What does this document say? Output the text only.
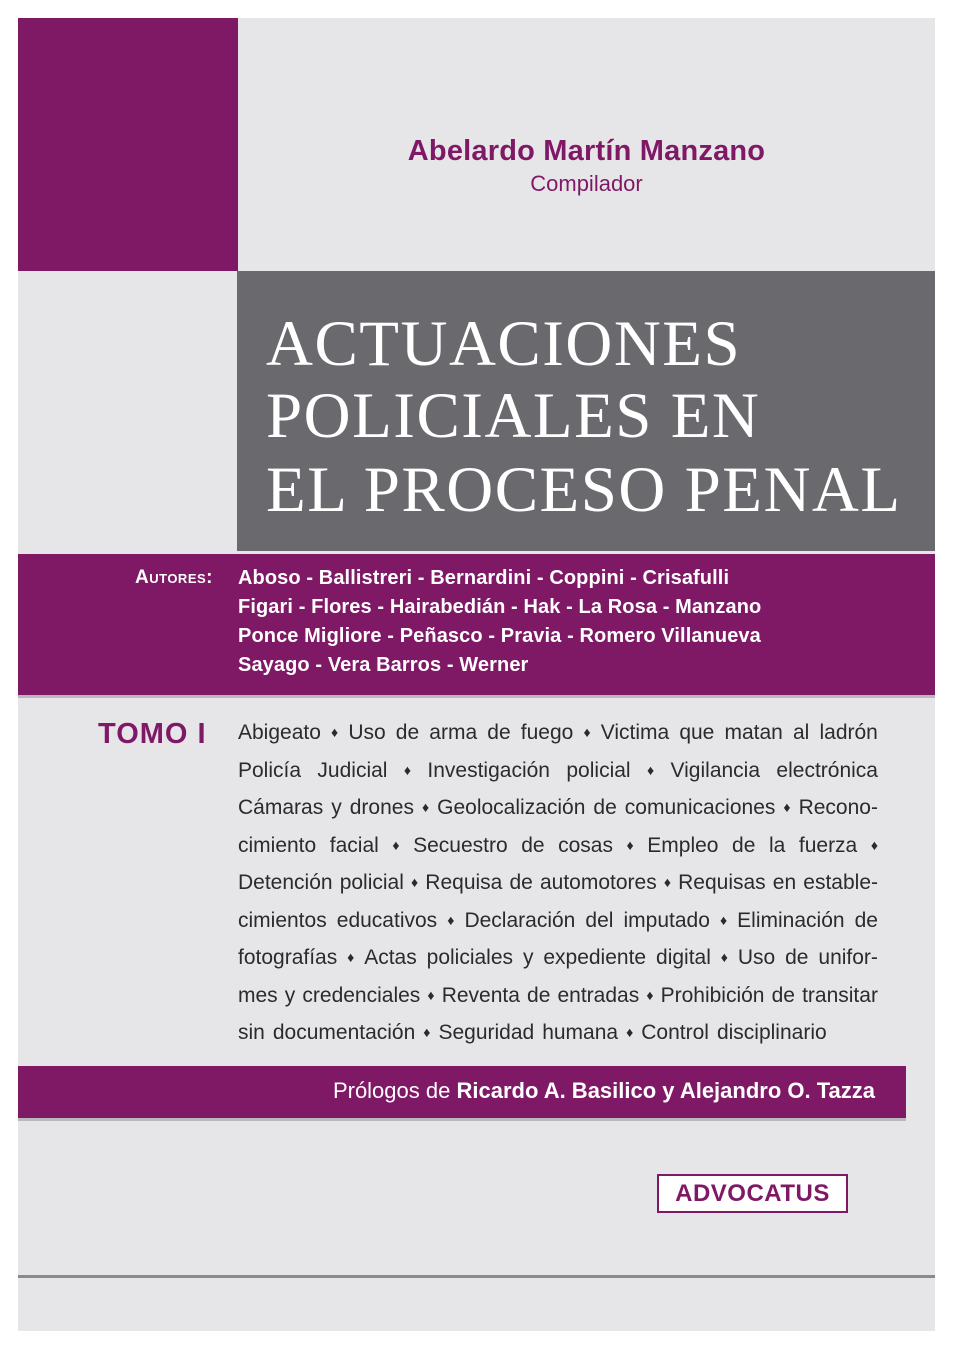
Abelardo Martín Manzano
Compilador
ACTUACIONES
POLICIALES EN
EL PROCESO PENAL
Autores: Aboso - Ballistreri - Bernardini - Coppini - Crisafulli
Figari - Flores - Hairabedián - Hak - La Rosa - Manzano
Ponce Migliore - Peñasco - Pravia - Romero Villanueva
Sayago - Vera Barros - Werner
TOMO I Abigeato ♦ Uso de arma de fuego ♦ Victima que matan al ladrón
Policía Judicial ♦ Investigación policial ♦ Vigilancia electrónica
Cámaras y drones ♦ Geolocalización de comunicaciones ♦ Recono-
cimiento facial ♦ Secuestro de cosas ♦ Empleo de la fuerza ♦
Detención policial ♦ Requisa de automotores ♦ Requisas en estable-
cimientos educativos ♦ Declaración del imputado ♦ Eliminación de
fotografías ♦ Actas policiales y expediente digital ♦ Uso de unifor-
mes y credenciales ♦ Reventa de entradas ♦ Prohibición de transitar
sin documentación ♦ Seguridad humana ♦ Control disciplinario
Prólogos de Ricardo A. Basilico y Alejandro O. Tazza
ADVOCATUS
